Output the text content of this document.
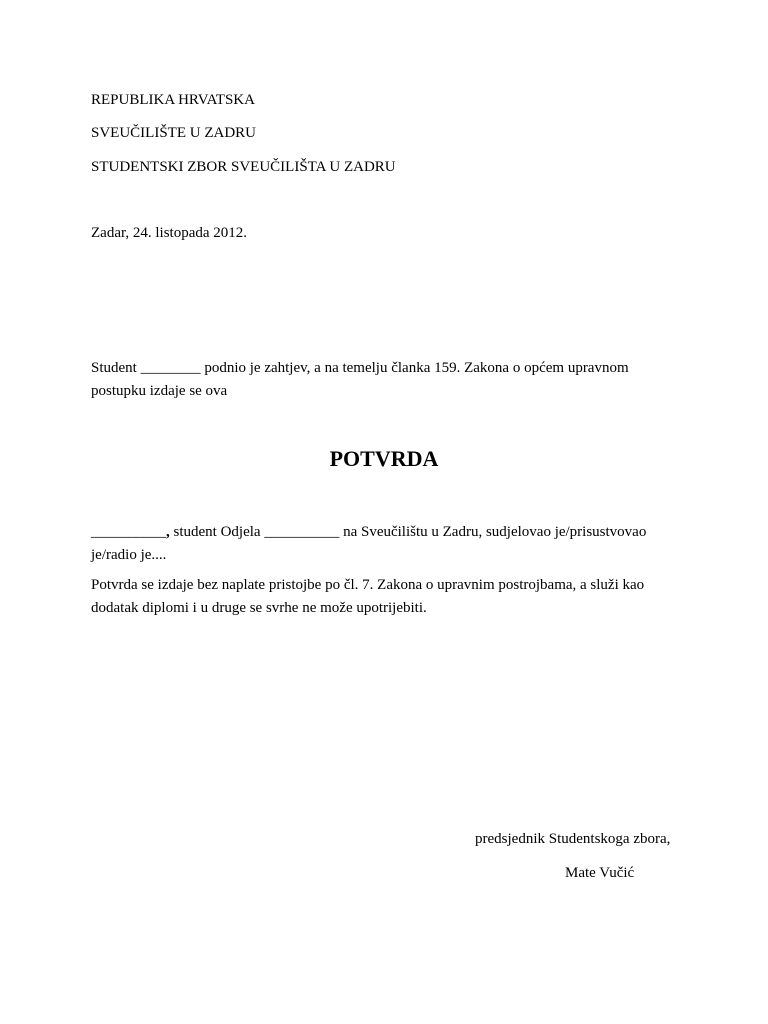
REPUBLIKA HRVATSKA
SVEUČILIŠTE U ZADRU
STUDENTSKI ZBOR SVEUČILIŠTA U ZADRU
Zadar, 24. listopada 2012.
Student ________ podnio je zahtjev, a na temelju članka 159. Zakona o općem upravnom postupku izdaje se ova
POTVRDA
__________, student Odjela __________ na Sveučilištu u Zadru, sudjelovao je/prisustvovao je/radio je....
Potvrda se izdaje bez naplate pristojbe po čl. 7. Zakona o upravnim postrojbama, a služi kao dodatak diplomi i u druge se svrhe ne može upotrijebiti.
predsjednik Studentskoga zbora,
Mate Vučić
